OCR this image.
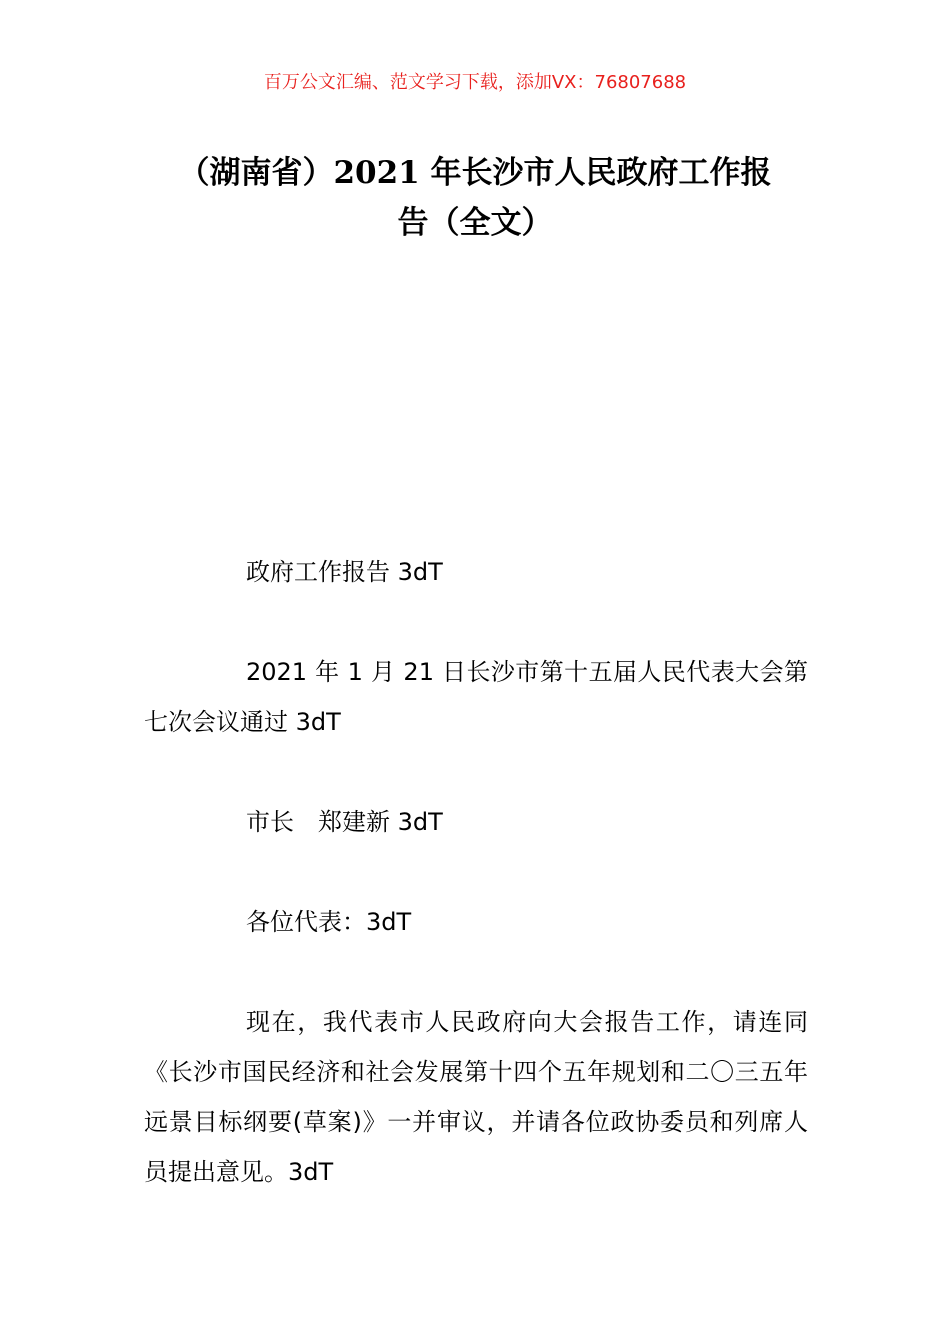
百万公文汇编、范文学习下载，添加VX：76807688
（湖南省）2021 年长沙市人民政府工作报
告（全文）

政府工作报告 3dT

2021 年 1 月 21 日长沙市第十五届人民代表大会第七次会议通过 3dT

市长 郑建新 3dT

各位代表：3dT

现在，我代表市人民政府向大会报告工作，请连同《长沙市国民经济和社会发展第十四个五年规划和二〇三五年远景目标纲要(草案)》一并审议，并请各位政协委员和列席人员提出意见。3dT
